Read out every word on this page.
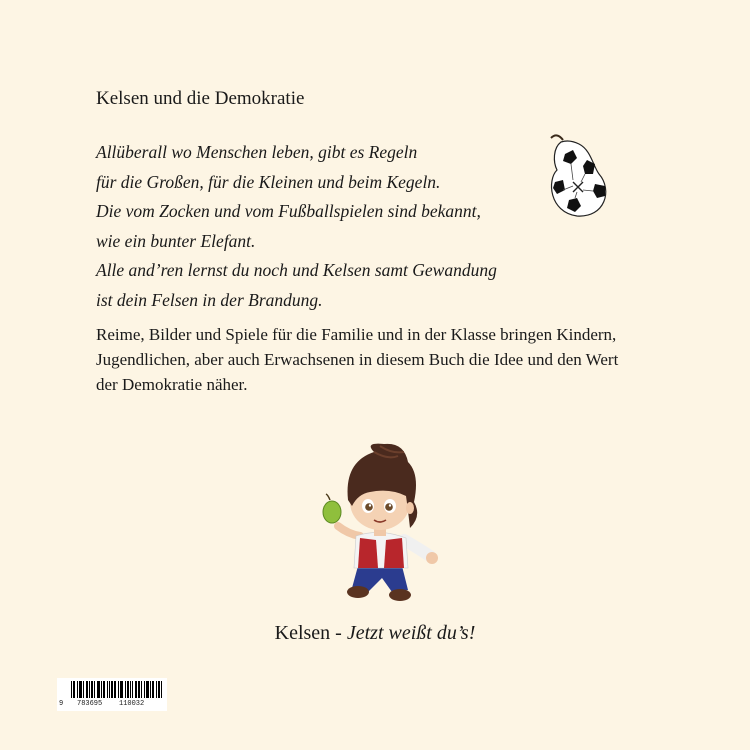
Kelsen und die Demokratie
Allüberall wo Menschen leben, gibt es Regeln
für die Großen, für die Kleinen und beim Kegeln.
Die vom Zocken und vom Fußballspielen sind bekannt,
wie ein bunter Elefant.
Alle and’ren lernst du noch und Kelsen samt Gewandung
ist dein Felsen in der Brandung.
Reime, Bilder und Spiele für die Familie und in der Klasse bringen Kindern,
Jugendlichen, aber auch Erwachsenen in diesem Buch die Idee und den Wert
der Demokratie näher.
Kelsen - Jetzt weißt du’s!
9 783695 110032
